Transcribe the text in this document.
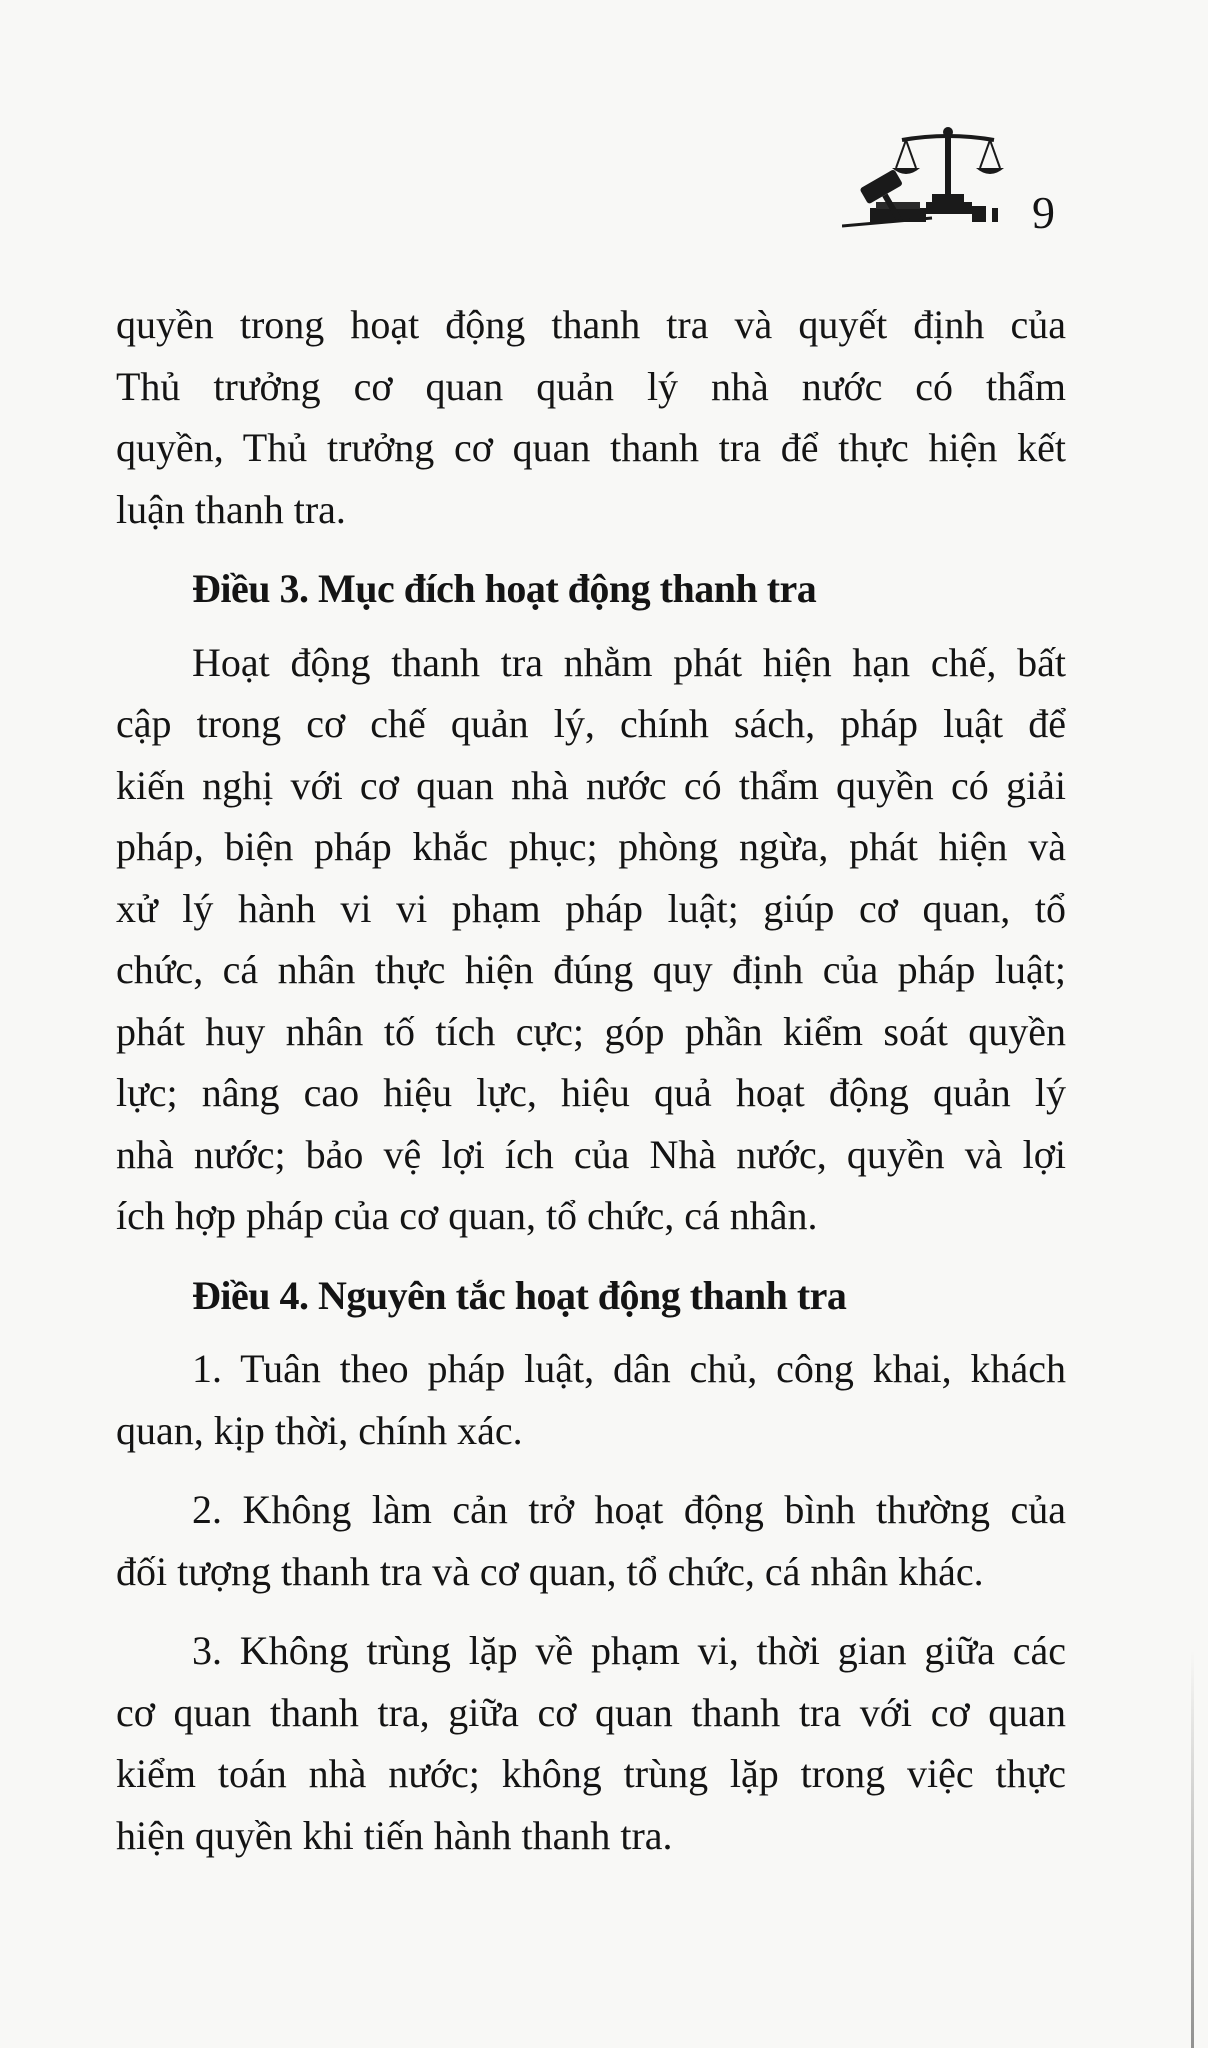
9

quyền trong hoạt động thanh tra và quyết định của
Thủ trưởng cơ quan quản lý nhà nước có thẩm
quyền, Thủ trưởng cơ quan thanh tra để thực hiện kết
luận thanh tra.

Điều 3. Mục đích hoạt động thanh tra

Hoạt động thanh tra nhằm phát hiện hạn chế, bất
cập trong cơ chế quản lý, chính sách, pháp luật để
kiến nghị với cơ quan nhà nước có thẩm quyền có giải
pháp, biện pháp khắc phục; phòng ngừa, phát hiện và
xử lý hành vi vi phạm pháp luật; giúp cơ quan, tổ
chức, cá nhân thực hiện đúng quy định của pháp luật;
phát huy nhân tố tích cực; góp phần kiểm soát quyền
lực; nâng cao hiệu lực, hiệu quả hoạt động quản lý
nhà nước; bảo vệ lợi ích của Nhà nước, quyền và lợi
ích hợp pháp của cơ quan, tổ chức, cá nhân.

Điều 4. Nguyên tắc hoạt động thanh tra

1. Tuân theo pháp luật, dân chủ, công khai, khách
quan, kịp thời, chính xác.

2. Không làm cản trở hoạt động bình thường của
đối tượng thanh tra và cơ quan, tổ chức, cá nhân khác.

3. Không trùng lặp về phạm vi, thời gian giữa các
cơ quan thanh tra, giữa cơ quan thanh tra với cơ quan
kiểm toán nhà nước; không trùng lặp trong việc thực
hiện quyền khi tiến hành thanh tra.
